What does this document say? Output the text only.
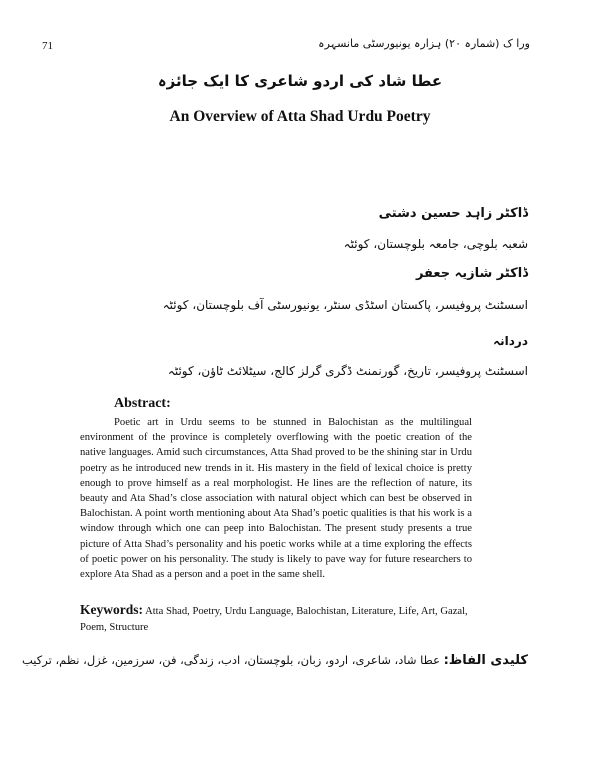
71	ورا ک (شمارہ ۲۰) ہزارہ یونیورسٹی مانسہرہ
عطا شاد کی اردو شاعری کا ایک جائزہ
An Overview of Atta Shad Urdu Poetry
ڈاکٹر زاہد حسین دشتی
شعبہ بلوچی، جامعہ بلوچستان، کوئٹہ
ڈاکٹر شازیہ جعفر
اسسٹنٹ پروفیسر، پاکستان اسٹڈی سنٹر، یونیورسٹی آف بلوچستان، کوئٹہ
دردانہ
اسسٹنٹ پروفیسر، تاریخ، گورنمنٹ ڈگری گرلز کالج، سیٹلائٹ ٹاؤن، کوئٹہ
Abstract:

Poetic art in Urdu seems to be stunned in Balochistan as the multilingual environment of the province is completely overflowing with the poetic creation of the native languages. Amid such circumstances, Atta Shad proved to be the shining star in Urdu poetry as he introduced new trends in it. His mastery in the field of lexical choice is pretty enough to prove himself as a real morphologist. He lines are the reflection of nature, its beauty and Ata Shad’s close association with natural object which can best be observed in Balochistan. A point worth mentioning about Ata Shad’s poetic qualities is that his work is a window through which one can peep into Balochistan. The present study presents a true picture of Atta Shad’s personality and his poetic works while at a time exploring the effects of poetic power on his personality. The study is likely to pave way for future researchers to explore Ata Shad as a person and a poet in the same shell.

Keywords: Atta Shad, Poetry, Urdu Language, Balochistan, Literature, Life, Art, Gazal, Poem, Structure

کلیدی الفاظ: عطا شاد، شاعری، اردو، زبان، بلوچستان، ادب، زندگی، فن، سرزمین، غزل، نظم، ترکیب
